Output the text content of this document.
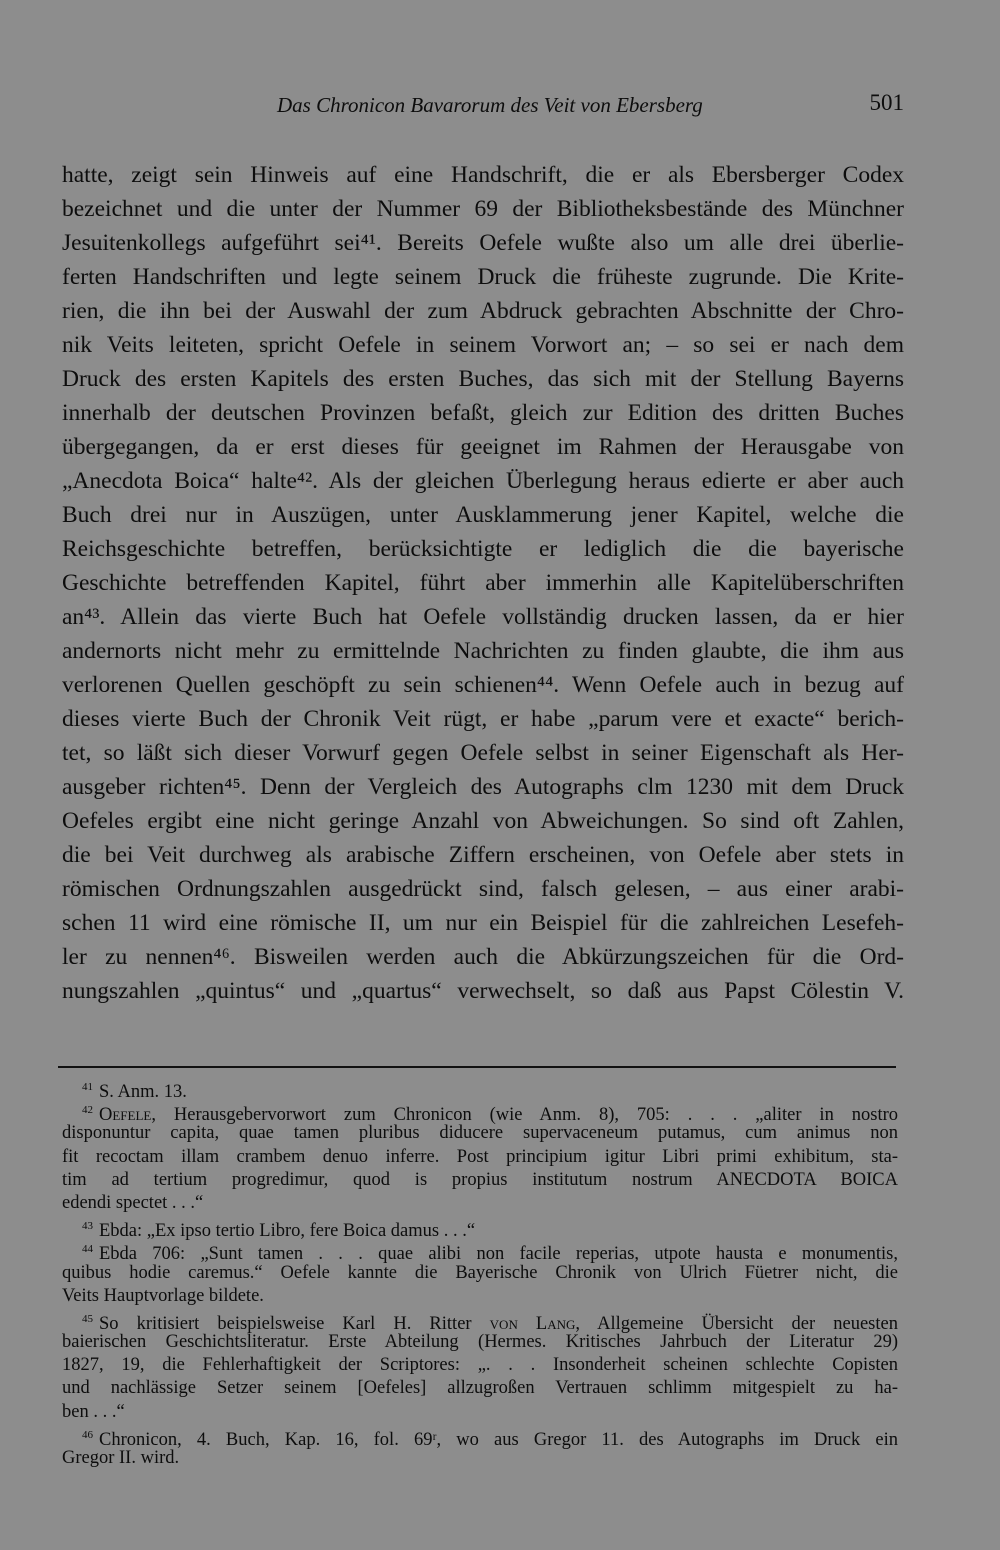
Das Chronicon Bavarorum des Veit von Ebersberg	501
hatte, zeigt sein Hinweis auf eine Handschrift, die er als Ebersberger Codex
bezeichnet und die unter der Nummer 69 der Bibliotheksbestände des Münchner
Jesuitenkollegs aufgeführt sei⁴¹. Bereits Oefele wußte also um alle drei überlie-
ferten Handschriften und legte seinem Druck die früheste zugrunde. Die Krite-
rien, die ihn bei der Auswahl der zum Abdruck gebrachten Abschnitte der Chro-
nik Veits leiteten, spricht Oefele in seinem Vorwort an; – so sei er nach dem
Druck des ersten Kapitels des ersten Buches, das sich mit der Stellung Bayerns
innerhalb der deutschen Provinzen befaßt, gleich zur Edition des dritten Buches
übergegangen, da er erst dieses für geeignet im Rahmen der Herausgabe von
„Anecdota Boica“ halte⁴². Als der gleichen Überlegung heraus edierte er aber auch
Buch drei nur in Auszügen, unter Ausklammerung jener Kapitel, welche die
Reichsgeschichte betreffen, berücksichtigte er lediglich die die bayerische
Geschichte betreffenden Kapitel, führt aber immerhin alle Kapitelüberschriften
an⁴³. Allein das vierte Buch hat Oefele vollständig drucken lassen, da er hier
andernorts nicht mehr zu ermittelnde Nachrichten zu finden glaubte, die ihm aus
verlorenen Quellen geschöpft zu sein schienen⁴⁴. Wenn Oefele auch in bezug auf
dieses vierte Buch der Chronik Veit rügt, er habe „parum vere et exacte“ berich-
tet, so läßt sich dieser Vorwurf gegen Oefele selbst in seiner Eigenschaft als Her-
ausgeber richten⁴⁵. Denn der Vergleich des Autographs clm 1230 mit dem Druck
Oefeles ergibt eine nicht geringe Anzahl von Abweichungen. So sind oft Zahlen,
die bei Veit durchweg als arabische Ziffern erscheinen, von Oefele aber stets in
römischen Ordnungszahlen ausgedrückt sind, falsch gelesen, – aus einer arabi-
schen 11 wird eine römische II, um nur ein Beispiel für die zahlreichen Lesefeh-
ler zu nennen⁴⁶. Bisweilen werden auch die Abkürzungszeichen für die Ord-
nungszahlen „quintus“ und „quartus“ verwechselt, so daß aus Papst Cölestin V.
$^{41}$ S. Anm. 13.
$^{42}$ Oefele, Herausgebervorwort zum Chronicon (wie Anm. 8), 705: . . . „aliter in nostro
disponuntur capita, quae tamen pluribus diducere supervaceneum putamus, cum animus non
fit recoctam illam crambem denuo inferre. Post principium igitur Libri primi exhibitum, sta-
tim ad tertium progredimur, quod is propius institutum nostrum ANECDOTA BOICA
edendi spectet . . .“
$^{43}$ Ebda: „Ex ipso tertio Libro, fere Boica damus . . .“
$^{44}$ Ebda 706: „Sunt tamen . . . quae alibi non facile reperias, utpote hausta e monumentis,
quibus hodie caremus.“ Oefele kannte die Bayerische Chronik von Ulrich Füetrer nicht, die
Veits Hauptvorlage bildete.
$^{45}$ So kritisiert beispielsweise Karl H. Ritter von Lang, Allgemeine Übersicht der neuesten
baierischen Geschichtsliteratur. Erste Abteilung (Hermes. Kritisches Jahrbuch der Literatur 29)
1827, 19, die Fehlerhaftigkeit der Scriptores: „. . . Insonderheit scheinen schlechte Copisten
und nachlässige Setzer seinem [Oefeles] allzugroßen Vertrauen schlimm mitgespielt zu ha-
ben . . .“
$^{46}$ Chronicon, 4. Buch, Kap. 16, fol. 69ʳ, wo aus Gregor 11. des Autographs im Druck ein
Gregor II. wird.
